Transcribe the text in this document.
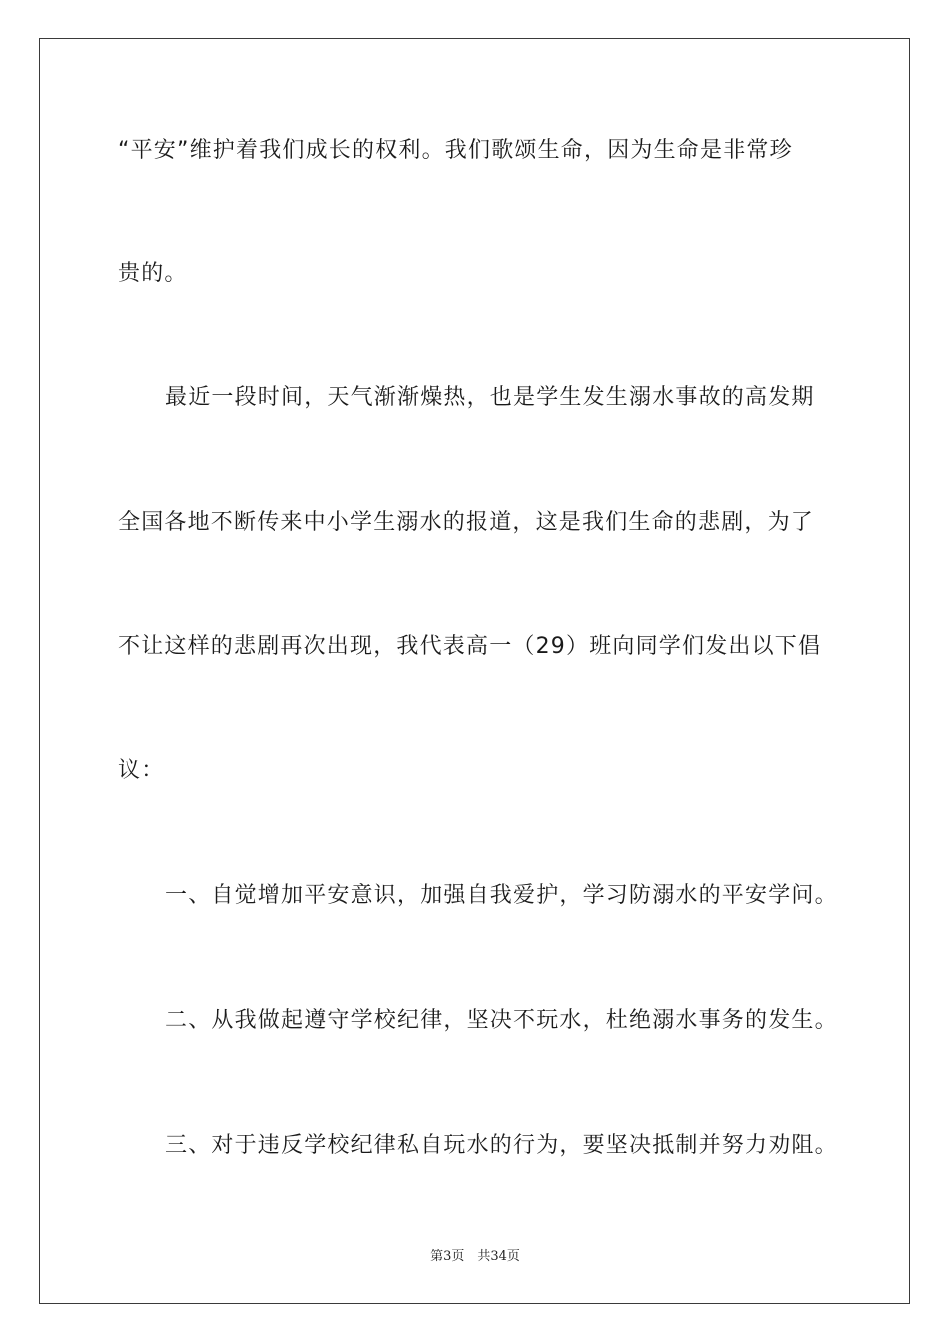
“平安”维护着我们成长的权利。我们歌颂生命，因为生命是非常珍
贵的。
最近一段时间，天气渐渐燥热，也是学生发生溺水事故的高发期
全国各地不断传来中小学生溺水的报道，这是我们生命的悲剧，为了
不让这样的悲剧再次出现，我代表高一（29）班向同学们发出以下倡
议：
一、自觉增加平安意识，加强自我爱护，学习防溺水的平安学问。
二、从我做起遵守学校纪律，坚决不玩水，杜绝溺水事务的发生。
三、对于违反学校纪律私自玩水的行为，要坚决抵制并努力劝阻。
第3页　共34页
